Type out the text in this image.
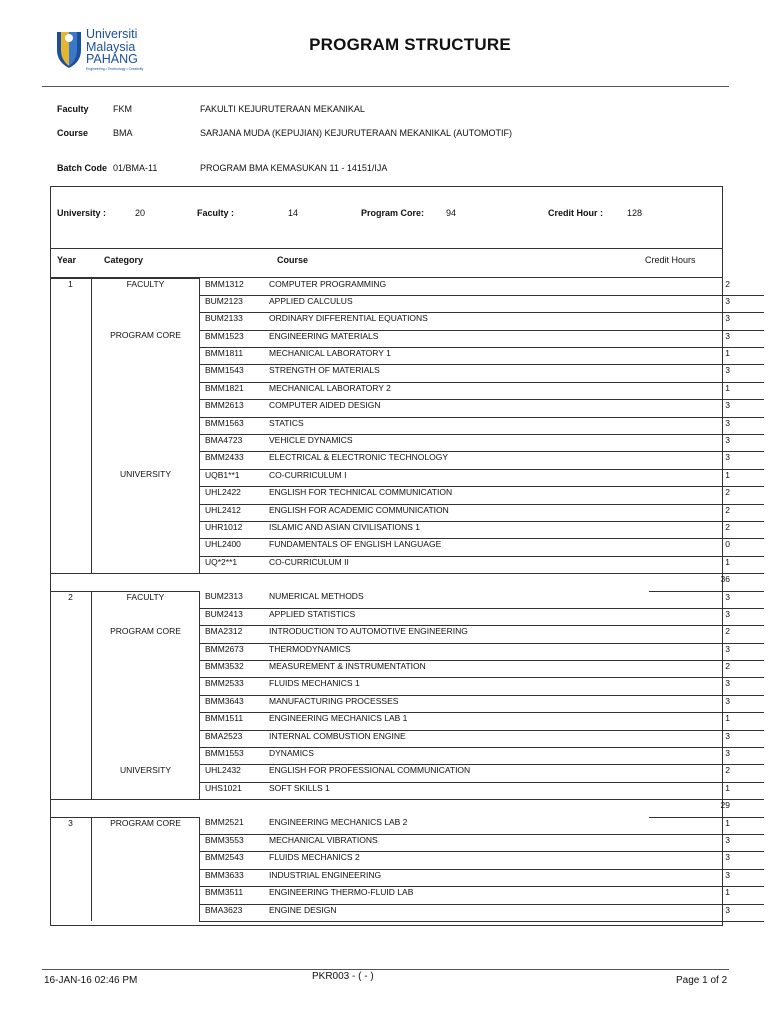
Universiti
Malaysia
PAHANG
Engineering • Technology • Creativity
PROGRAM STRUCTURE
Faculty	FKM	FAKULTI KEJURUTERAAN MEKANIKAL
Course	BMA	SARJANA MUDA (KEPUJIAN) KEJURUTERAAN MEKANIKAL (AUTOMOTIF)
Batch Code 01/BMA-11	PROGRAM BMA KEMASUKAN 11 - 14151/IJA
University :	20	Faculty :	14	Program Core: 94	Credit Hour :	128
Year	Category	Course	Credit Hours
1	FACULTY	BMM1312	COMPUTER PROGRAMMING	2
		BUM2123	APPLIED CALCULUS	3
		BUM2133	ORDINARY DIFFERENTIAL EQUATIONS	3
	PROGRAM CORE	BMM1523	ENGINEERING MATERIALS	3
		BMM1811	MECHANICAL LABORATORY 1	1
		BMM1543	STRENGTH OF MATERIALS	3
		BMM1821	MECHANICAL LABORATORY 2	1
		BMM2613	COMPUTER AIDED DESIGN	3
		BMM1563	STATICS	3
		BMA4723	VEHICLE DYNAMICS	3
		BMM2433	ELECTRICAL & ELECTRONIC TECHNOLOGY	3
	UNIVERSITY	UQB1**1	CO-CURRICULUM I	1
		UHL2422	ENGLISH FOR TECHNICAL COMMUNICATION	2
		UHL2412	ENGLISH FOR ACADEMIC COMMUNICATION	2
		UHR1012	ISLAMIC AND ASIAN CIVILISATIONS 1	2
		UHL2400	FUNDAMENTALS OF ENGLISH LANGUAGE	0
		UQ*2**1	CO-CURRICULUM II	1
				36
2	FACULTY	BUM2313	NUMERICAL METHODS	3
		BUM2413	APPLIED STATISTICS	3
	PROGRAM CORE	BMA2312	INTRODUCTION TO AUTOMOTIVE ENGINEERING	2
		BMM2673	THERMODYNAMICS	3
		BMM3532	MEASUREMENT & INSTRUMENTATION	2
		BMM2533	FLUIDS MECHANICS 1	3
		BMM3643	MANUFACTURING PROCESSES	3
		BMM1511	ENGINEERING MECHANICS LAB 1	1
		BMA2523	INTERNAL COMBUSTION ENGINE	3
		BMM1553	DYNAMICS	3
	UNIVERSITY	UHL2432	ENGLISH FOR PROFESSIONAL COMMUNICATION	2
		UHS1021	SOFT SKILLS 1	1
				29
3	PROGRAM CORE	BMM2521	ENGINEERING MECHANICS LAB 2	1
		BMM3553	MECHANICAL VIBRATIONS	3
		BMM2543	FLUIDS MECHANICS 2	3
		BMM3633	INDUSTRIAL ENGINEERING	3
		BMM3511	ENGINEERING THERMO-FLUID LAB	1
		BMA3623	ENGINE DESIGN	3
16-JAN-16 02:46 PM	PKR003 - ( - )	Page 1 of 2
